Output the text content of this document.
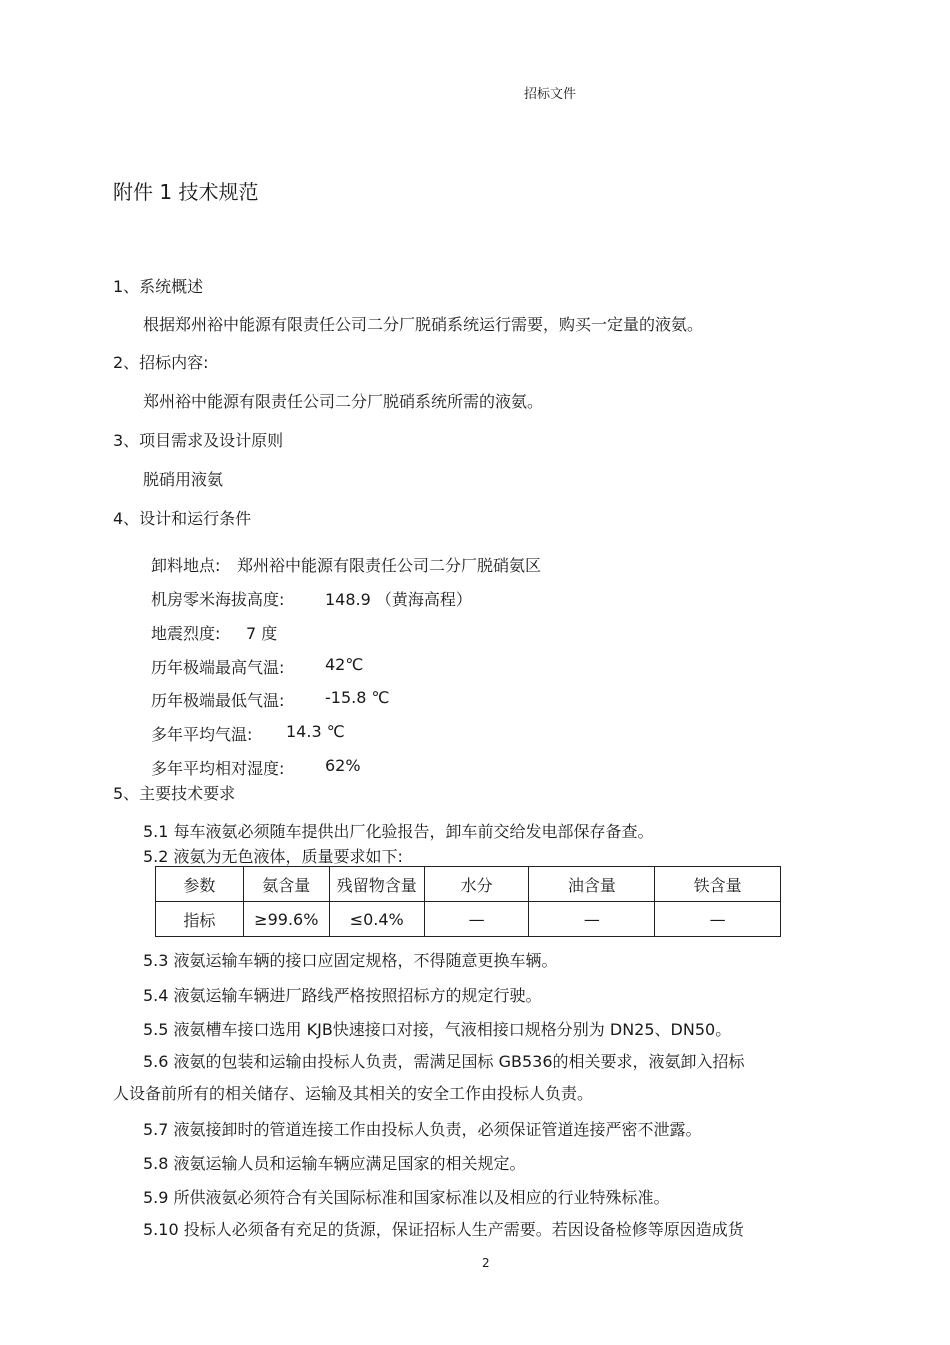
招标文件
附件 1 技术规范
1、系统概述
根据郑州裕中能源有限责任公司二分厂脱硝系统运行需要，购买一定量的液氨。
2、招标内容:
郑州裕中能源有限责任公司二分厂脱硝系统所需的液氨。
3、项目需求及设计原则
脱硝用液氨
4、设计和运行条件
卸料地点: 郑州裕中能源有限责任公司二分厂脱硝氨区
机房零米海拔高度:	148.9 （黄海高程）
地震烈度: 7 度
历年极端最高气温:	42℃
历年极端最低气温:	-15.8 ℃
多年平均气温: 14.3 ℃
多年平均相对湿度:	62%
5、主要技术要求
5.1 每车液氨必须随车提供出厂化验报告，卸车前交给发电部保存备查。
5.2 液氨为无色液体，质量要求如下:
参数	氨含量	残留物含量	水分	油含量	铁含量
指标	≥99.6%	≤0.4%	—	—	—
5.3 液氨运输车辆的接口应固定规格，不得随意更换车辆。
5.4 液氨运输车辆进厂路线严格按照招标方的规定行驶。
5.5 液氨槽车接口选用 KJB快速接口对接，气液相接口规格分别为 DN25、DN50。
5.6 液氨的包装和运输由投标人负责，需满足国标 GB536的相关要求，液氨卸入招标
人设备前所有的相关储存、运输及其相关的安全工作由投标人负责。
5.7 液氨接卸时的管道连接工作由投标人负责，必须保证管道连接严密不泄露。
5.8 液氨运输人员和运输车辆应满足国家的相关规定。
5.9 所供液氨必须符合有关国际标准和国家标准以及相应的行业特殊标准。
5.10 投标人必须备有充足的货源，保证招标人生产需要。若因设备检修等原因造成货
2
